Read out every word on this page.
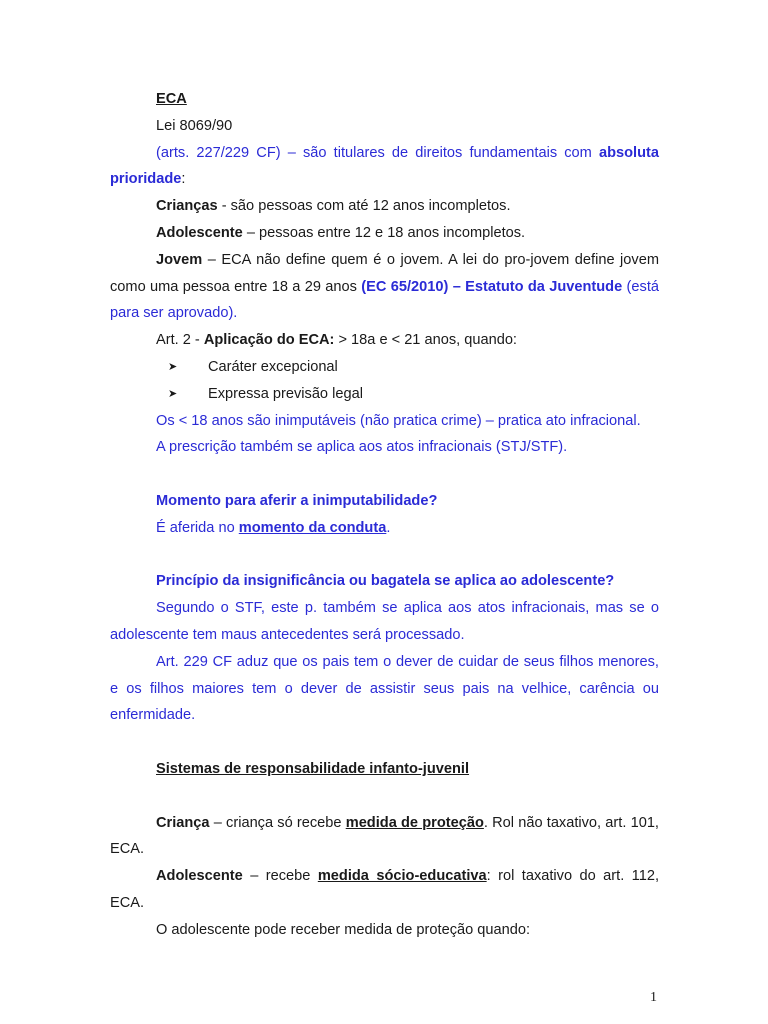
ECA

Lei 8069/90

(arts. 227/229 CF) – são titulares de direitos fundamentais com absoluta prioridade:

Crianças - são pessoas com até 12 anos incompletos.

Adolescente – pessoas entre 12 e 18 anos incompletos.

Jovem – ECA não define quem é o jovem. A lei do pro-jovem define jovem como uma pessoa entre 18 a 29 anos (EC 65/2010) – Estatuto da Juventude (está para ser aprovado).

Art. 2 - Aplicação do ECA: > 18a e < 21 anos, quando:

➤ Caráter excepcional

➤ Expressa previsão legal

Os < 18 anos são inimputáveis (não pratica crime) – pratica ato infracional.

A prescrição também se aplica aos atos infracionais (STJ/STF).

Momento para aferir a inimputabilidade?

É aferida no momento da conduta.

Princípio da insignificância ou bagatela se aplica ao adolescente?

Segundo o STF, este p. também se aplica aos atos infracionais, mas se o adolescente tem maus antecedentes será processado.

Art. 229 CF aduz que os pais tem o dever de cuidar de seus filhos menores, e os filhos maiores tem o dever de assistir seus pais na velhice, carência ou enfermidade.

Sistemas de responsabilidade infanto-juvenil

Criança – criança só recebe medida de proteção. Rol não taxativo, art. 101, ECA.

Adolescente – recebe medida sócio-educativa: rol taxativo do art. 112, ECA.

O adolescente pode receber medida de proteção quando:

1
